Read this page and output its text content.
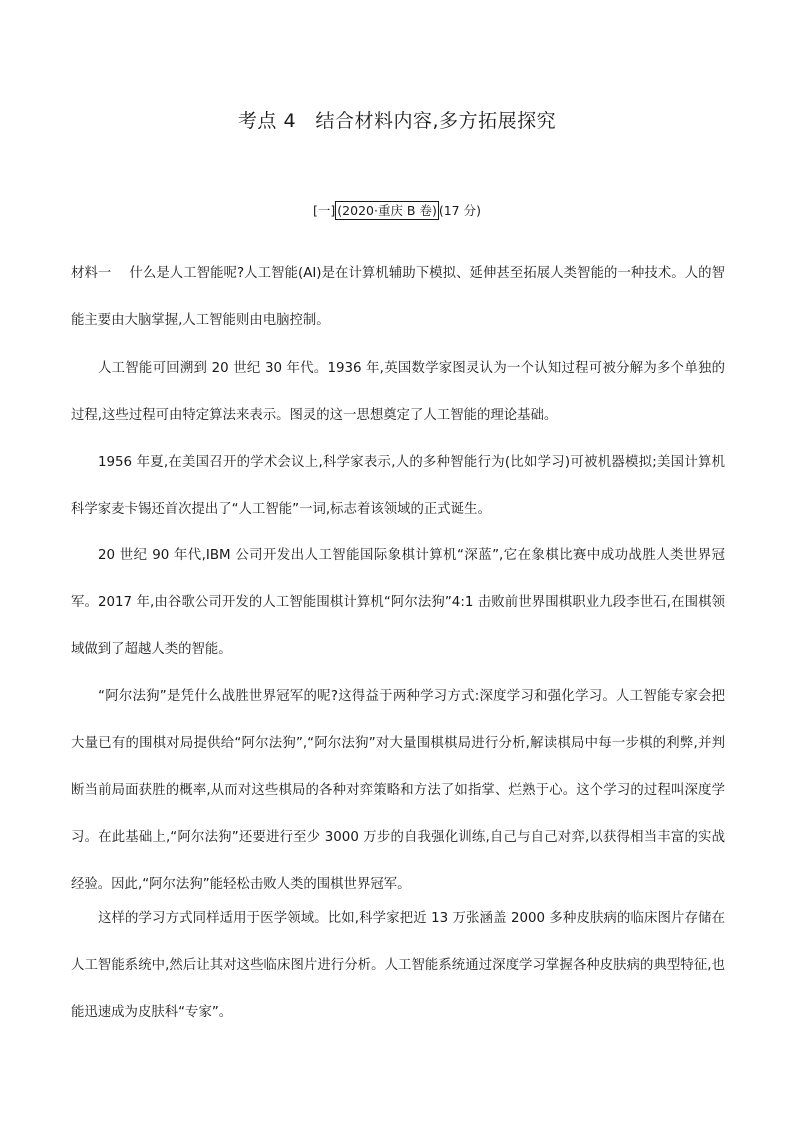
考点 4　结合材料内容,多方拓展探究
[一] (2020·重庆 B 卷) (17 分)

材料一 什么是人工智能呢?人工智能(AI)是在计算机辅助下模拟、延伸甚至拓展人类智能的一种技术。人的智能主要由大脑掌握,人工智能则由电脑控制。

人工智能可回溯到 20 世纪 30 年代。1936 年,英国数学家图灵认为一个认知过程可被分解为多个单独的过程,这些过程可由特定算法来表示。图灵的这一思想奠定了人工智能的理论基础。

1956 年夏,在美国召开的学术会议上,科学家表示,人的多种智能行为(比如学习)可被机器模拟;美国计算机科学家麦卡锡还首次提出了“人工智能”一词,标志着该领域的正式诞生。

20 世纪 90 年代,IBM 公司开发出人工智能国际象棋计算机“深蓝”,它在象棋比赛中成功战胜人类世界冠军。2017 年,由谷歌公司开发的人工智能围棋计算机“阿尔法狗”4:1 击败前世界围棋职业九段李世石,在围棋领域做到了超越人类的智能。

“阿尔法狗”是凭什么战胜世界冠军的呢?这得益于两种学习方式:深度学习和强化学习。人工智能专家会把大量已有的围棋对局提供给“阿尔法狗”,“阿尔法狗”对大量围棋棋局进行分析,解读棋局中每一步棋的利弊,并判断当前局面获胜的概率,从而对这些棋局的各种对弈策略和方法了如指掌、烂熟于心。这个学习的过程叫深度学习。在此基础上,“阿尔法狗”还要进行至少 3000 万步的自我强化训练,自己与自己对弈,以获得相当丰富的实战经验。因此,“阿尔法狗”能轻松击败人类的围棋世界冠军。

这样的学习方式同样适用于医学领域。比如,科学家把近 13 万张涵盖 2000 多种皮肤病的临床图片存储在人工智能系统中,然后让其对这些临床图片进行分析。人工智能系统通过深度学习掌握各种皮肤病的典型特征,也能迅速成为皮肤科“专家”。
